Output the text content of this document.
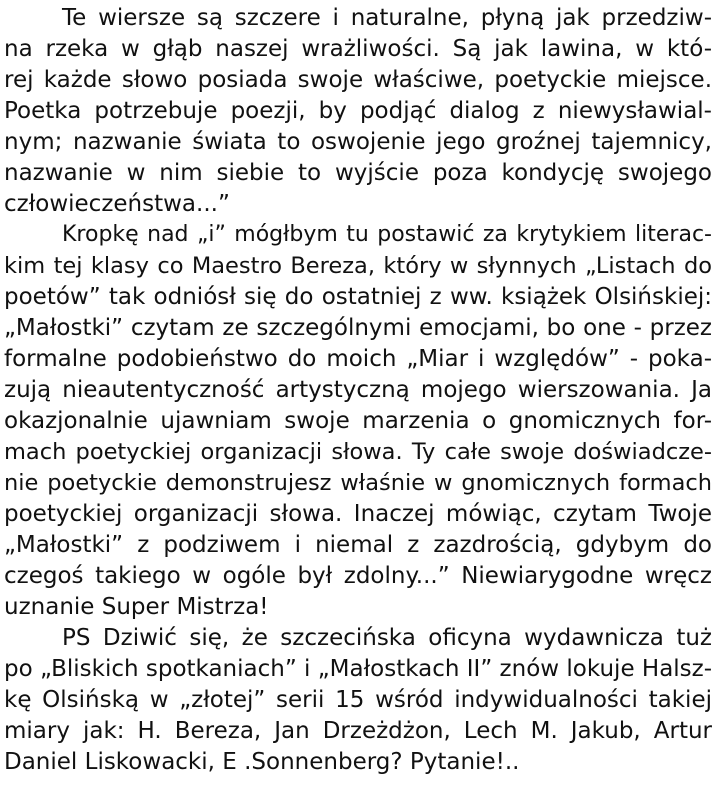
Te wiersze są szczere i naturalne, płyną jak przedziw-
na rzeka w głąb naszej wrażliwości. Są jak lawina, w któ-
rej każde słowo posiada swoje właściwe, poetyckie miejsce.
Poetka potrzebuje poezji, by podjąć dialog z niewysławial-
nym; nazwanie świata to oswojenie jego groźnej tajemnicy,
nazwanie w nim siebie to wyjście poza kondycję swojego
człowieczeństwa...”
Kropkę nad „i” mógłbym tu postawić za krytykiem literac-
kim tej klasy co Maestro Bereza, który w słynnych „Listach do
poetów” tak odniósł się do ostatniej z ww. książek Olsińskiej:
„Małostki” czytam ze szczególnymi emocjami, bo one - przez
formalne podobieństwo do moich „Miar i względów” - poka-
zują nieautentyczność artystyczną mojego wierszowania. Ja
okazjonalnie ujawniam swoje marzenia o gnomicznych for-
mach poetyckiej organizacji słowa. Ty całe swoje doświadcze-
nie poetyckie demonstrujesz właśnie w gnomicznych formach
poetyckiej organizacji słowa. Inaczej mówiąc, czytam Twoje
„Małostki” z podziwem i niemal z zazdrością, gdybym do
czegoś takiego w ogóle był zdolny...” Niewiarygodne wręcz
uznanie Super Mistrza!
PS Dziwić się, że szczecińska oficyna wydawnicza tuż
po „Bliskich spotkaniach” i „Małostkach II” znów lokuje Halsz-
kę Olsińską w „złotej” serii 15 wśród indywidualności takiej
miary jak: H. Bereza, Jan Drzeżdżon, Lech M. Jakub, Artur
Daniel Liskowacki, E .Sonnenberg? Pytanie!..
